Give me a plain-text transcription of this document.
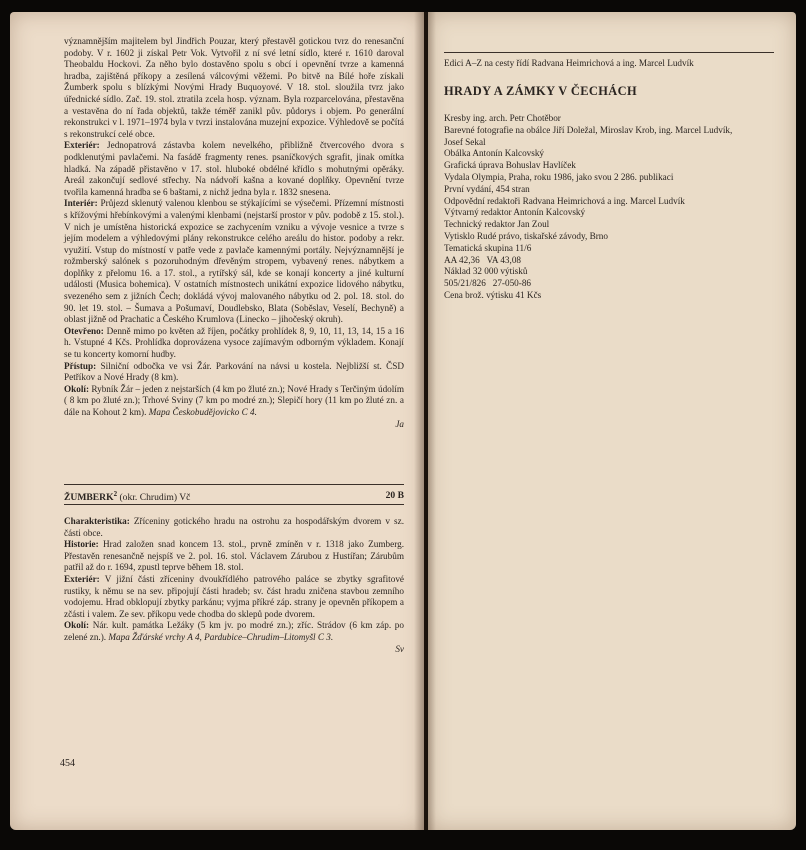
významnějším majitelem byl Jindřich Pouzar, který přestavěl gotickou tvrz do renesanční podoby. V r. 1602 ji získal Petr Vok. Vytvořil z ní své letní sídlo, které r. 1610 daroval Theobaldu Hockovi. Za něho bylo dostavěno spolu s obcí i opevnění tvrze a kamenná hradba, zajištěná příkopy a zesílená válcovými věžemi. Po bitvě na Bílé hoře získali Žumberk spolu s blízkými Novými Hrady Buquoyové. V 18. stol. sloužila tvrz jako úřednické sídlo. Zač. 19. stol. ztratila zcela hosp. význam. Byla rozparcelována, přestavěna a vestavěna do ní řada objektů, takže téměř zanikl pův. půdorys i objem. Po generální rekonstrukci v l. 1971–1974 byla v tvrzi instalována muzejní expozice. Výhledově se počítá s rekonstrukcí celé obce.

Exteriér: Jednopatrová zástavba kolem nevelkého, přibližně čtvercového dvora s podklenutými pavlačemi. Na fasádě fragmenty renes. psaníčkových sgrafit, jinak omítka hladká. Na západě přistavěno v 17. stol. hluboké obdélné křídlo s mohutnými opěráky. Areál zakončují sedlové střechy. Na nádvoří kašna a kované doplňky. Opevnění tvrze tvořila kamenná hradba se 6 baštami, z nichž jedna byla r. 1832 snesena.

Interiér: Průjezd sklenutý valenou klenbou se stýkajícími se výsečemi. Přízemní místnosti s křížovými hřebínkovými a valenými klenbami (nejstarší prostor v pův. podobě z 15. stol.). V nich je umístěna historická expozice se zachycením vzniku a vývoje vesnice a tvrze s jejím modelem a výhledovými plány rekonstrukce celého areálu do histor. podoby a rekr. využití. Vstup do místností v patře vede z pavlače kamennými portály. Nejvýznamnější je rožmberský salónek s pozoruhodným dřevěným stropem, vybavený renes. nábytkem a doplňky z přelomu 16. a 17. stol., a rytířský sál, kde se konají koncerty a jiné kulturní události (Musica bohemica). V ostatních místnostech unikátní expozice lidového nábytku, svezeného sem z jižních Čech; dokládá vývoj malovaného nábytku od 2. pol. 18. stol. do 90. let 19. stol. – Šumava a Pošumaví, Doudlebsko, Blata (Soběslav, Veselí, Bechyně) a oblast jižně od Prachatic a Českého Krumlova (Linecko – jihočeský okruh).

Otevřeno: Denně mimo po květen až říjen, počátky prohlídek 8, 9, 10, 11, 13, 14, 15 a 16 h. Vstupné 4 Kčs. Prohlídka doprovázena vysoce zajímavým odborným výkladem. Konají se tu koncerty komorní hudby.

Přístup: Silniční odbočka ve vsi Žár. Parkování na návsi u kostela. Nejbližší st. ČSD Petříkov a Nové Hrady (8 km).

Okolí: Rybník Žár – jeden z nejstarších (4 km po žluté zn.); Nové Hrady s Terčiným údolím ( 8 km po žluté zn.); Trhové Sviny (7 km po modré zn.); Slepičí hory (11 km po žluté zn. a dále na Kohout 2 km). Mapa Českobudějovicko C 4.

Ja
ŽUMBERK$^2$ (okr. Chrudim) Vč	20 B

Charakteristika: Zříceniny gotického hradu na ostrohu za hospodářským dvorem v sz. části obce.

Historie: Hrad založen snad koncem 13. stol., prvně zmíněn v r. 1318 jako Zumberg. Přestavěn renesančně nejspíš ve 2. pol. 16. stol. Václavem Zárubou z Hustířan; Zárubům patřil až do r. 1694, zpustl teprve během 18. stol.

Exteriér: V jižní části zříceniny dvoukřídlého patrového paláce se zbytky sgrafitové rustiky, k němu se na sev. připojují části hradeb; sv. část hradu zničena stavbou zemního vodojemu. Hrad obklopují zbytky parkánu; vyjma příkré záp. strany je opevněn příkopem a zčásti i valem. Ze sev. příkopu vede chodba do sklepů pode dvorem.

Okolí: Nár. kult. památka Ležáky (5 km jv. po modré zn.); zříc. Strádov (6 km záp. po zelené zn.). Mapa Žďárské vrchy A 4, Pardubice–Chrudim–Litomyšl C 3.

Sv
454
Edici A–Z na cesty řídí Radvana Heimrichová a ing. Marcel Ludvík
HRADY A ZÁMKY V ČECHÁCH
Kresby ing. arch. Petr Chotěbor
Barevné fotografie na obálce Jiří Doležal, Miroslav Krob, ing. Marcel Ludvík,
Josef Sekal
Obálka Antonín Kalcovský
Grafická úprava Bohuslav Havlíček
Vydala Olympia, Praha, roku 1986, jako svou 2 286. publikaci
První vydání, 454 stran
Odpovědní redaktoři Radvana Heimrichová a ing. Marcel Ludvík
Výtvarný redaktor Antonín Kalcovský
Technický redaktor Jan Zoul
Vytisklo Rudé právo, tiskařské závody, Brno
Tematická skupina 11/6
AA 42,36   VA 43,08
Náklad 32 000 výtisků
505/21/826   27-050-86
Cena brož. výtisku 41 Kčs
